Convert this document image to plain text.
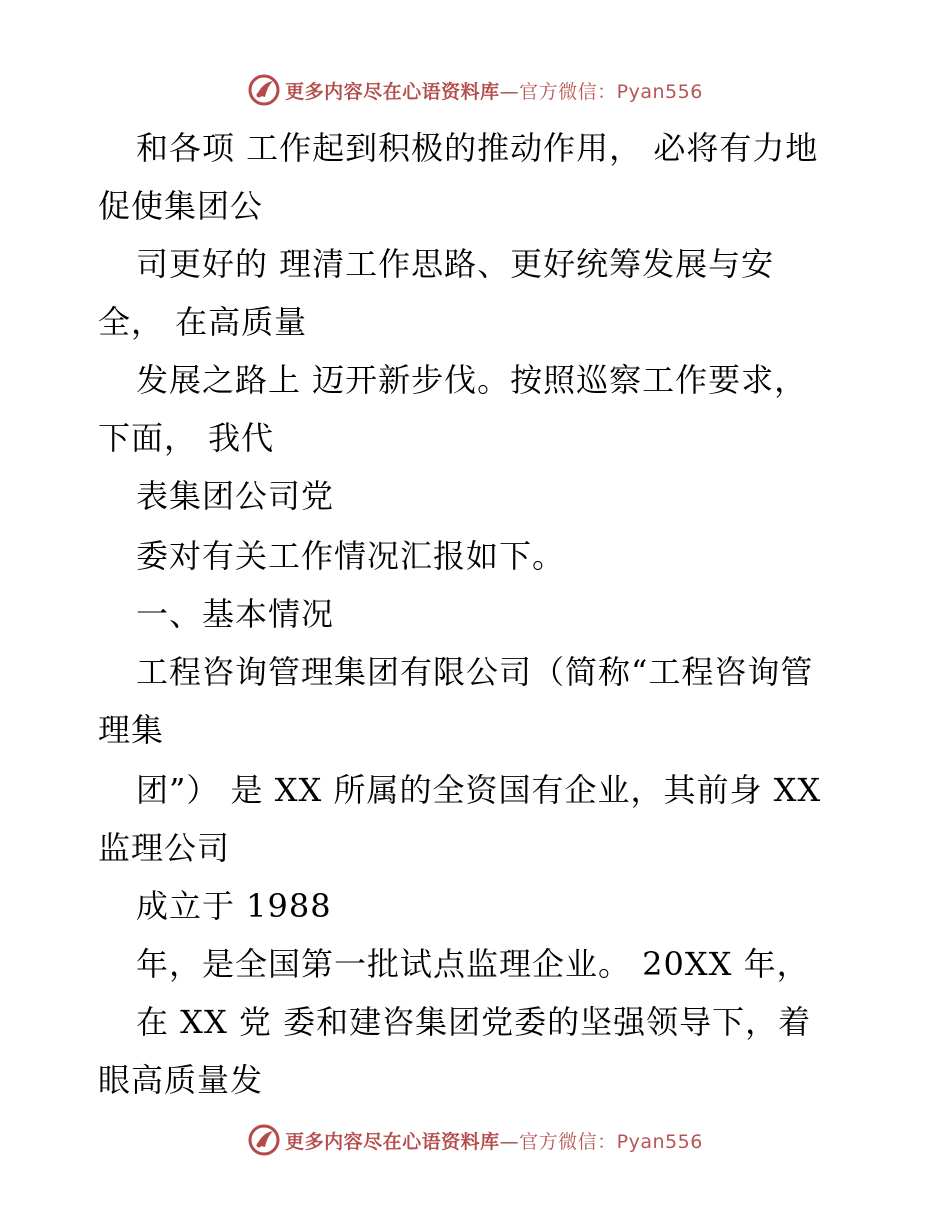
更多内容尽在心语资料库—官方微信：Pyan556
和各项 工作起到积极的推动作用， 必将有力地
促使集团公
司更好的 理清工作思路、更好统筹发展与安
全， 在高质量
发展之路上 迈开新步伐。按照巡察工作要求，
下面， 我代
表集团公司党
委对有关工作情况汇报如下。
一、基本情况
工程咨询管理集团有限公司（简称“工程咨询管
理集
团”） 是 XX 所属的全资国有企业，其前身 XX
监理公司
成立于 1988
年，是全国第一批试点监理企业。 20XX 年，
在 XX 党 委和建咨集团党委的坚强领导下，着
眼高质量发
更多内容尽在心语资料库—官方微信：Pyan556
